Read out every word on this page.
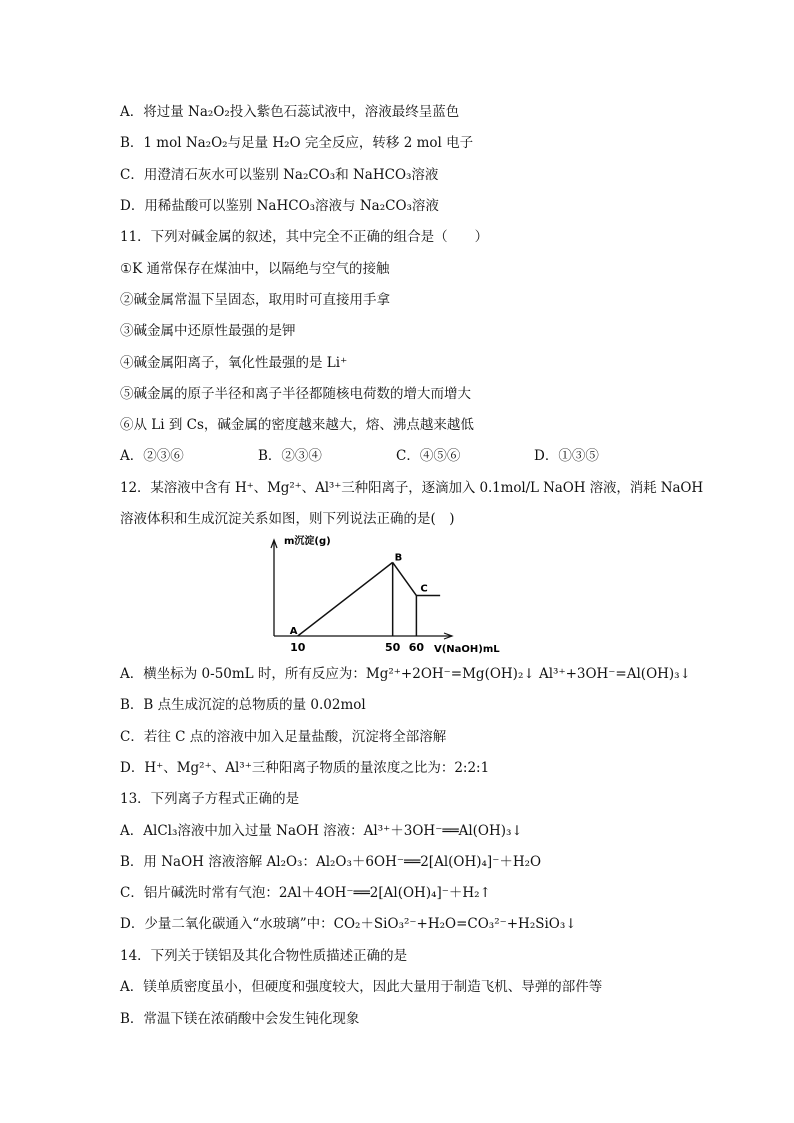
A．将过量 Na₂O₂投入紫色石蕊试液中，溶液最终呈蓝色
B．1 mol Na₂O₂与足量 H₂O 完全反应，转移 2 mol 电子
C．用澄清石灰水可以鉴别 Na₂CO₃和 NaHCO₃溶液
D．用稀盐酸可以鉴别 NaHCO₃溶液与 Na₂CO₃溶液
11．下列对碱金属的叙述，其中完全不正确的组合是（　　）
①K 通常保存在煤油中，以隔绝与空气的接触
②碱金属常温下呈固态，取用时可直接用手拿
③碱金属中还原性最强的是钾
④碱金属阳离子，氧化性最强的是 Li⁺
⑤碱金属的原子半径和离子半径都随核电荷数的增大而增大
⑥从 Li 到 Cs，碱金属的密度越来越大，熔、沸点越来越低
A．②③⑥	B．②③④	C．④⑤⑥	D．①③⑤
12．某溶液中含有 H⁺、Mg²⁺、Al³⁺三种阳离子，逐滴加入 0.1mol/L NaOH 溶液，消耗 NaOH
溶液体积和生成沉淀关系如图，则下列说法正确的是(　)
m沉淀(g)
V(NaOH)mL
10	50 60
A
B
C
A．横坐标为 0-50mL 时，所有反应为：Mg²⁺+2OH⁻=Mg(OH)₂↓ Al³⁺+3OH⁻=Al(OH)₃↓
B．B 点生成沉淀的总物质的量 0.02mol
C．若往 C 点的溶液中加入足量盐酸，沉淀将全部溶解
D．H⁺、Mg²⁺、Al³⁺三种阳离子物质的量浓度之比为：2:2:1
13．下列离子方程式正确的是
A．AlCl₃溶液中加入过量 NaOH 溶液：Al³⁺＋3OH⁻══Al(OH)₃↓
B．用 NaOH 溶液溶解 Al₂O₃：Al₂O₃＋6OH⁻══2[Al(OH)₄]⁻＋H₂O
C．铝片碱洗时常有气泡：2Al＋4OH⁻══2[Al(OH)₄]⁻＋H₂↑
D．少量二氧化碳通入“水玻璃”中：CO₂＋SiO₃²⁻+H₂O=CO₃²⁻+H₂SiO₃↓
14．下列关于镁铝及其化合物性质描述正确的是
A．镁单质密度虽小，但硬度和强度较大，因此大量用于制造飞机、导弹的部件等
B．常温下镁在浓硝酸中会发生钝化现象
